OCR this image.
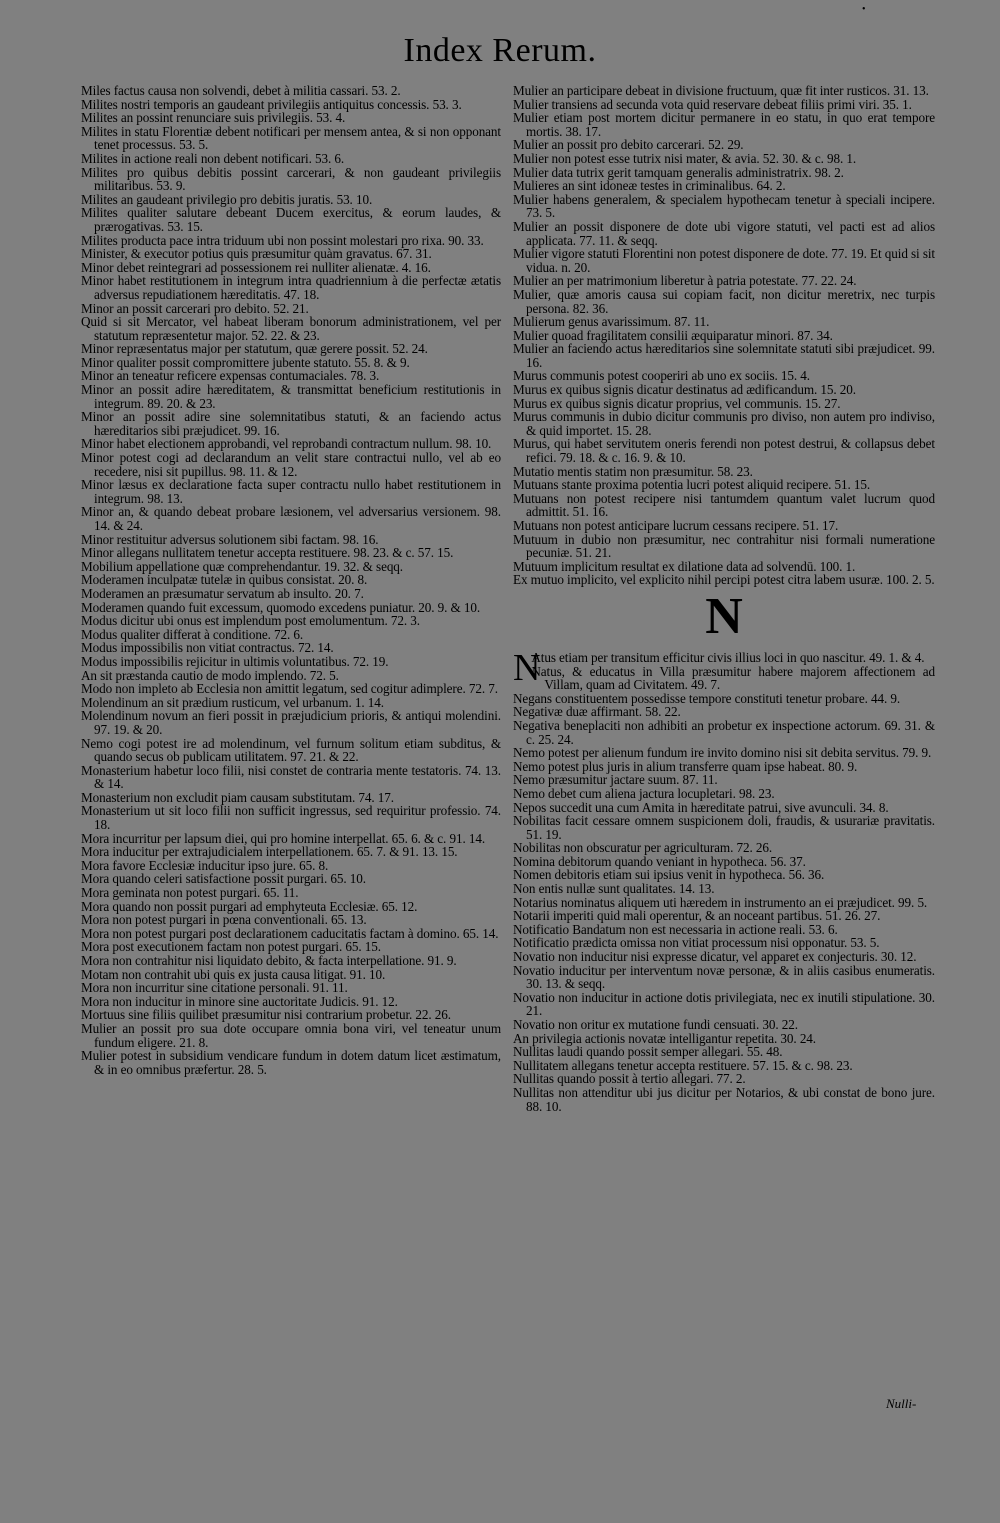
•
Index Rerum.

Miles factus causa non solvendi, debet à militia cassari. 53. 2.

Milites nostri temporis an gaudeant privilegiis antiquitus concessis. 53. 3.

Milites an possint renunciare suis privilegiis. 53. 4.

Milites in statu Florentiæ debent notificari per mensem antea, & si non opponant tenet processus. 53. 5.

Milites in actione reali non debent notificari. 53. 6.

Milites pro quibus debitis possint carcerari, & non gaudeant privilegiis militaribus. 53. 9.

Milites an gaudeant privilegio pro debitis juratis. 53. 10.

Milites qualiter salutare debeant Ducem exercitus, & eorum laudes, & prærogativas. 53. 15.

Milites producta pace intra triduum ubi non possint molestari pro rixa. 90. 33.

Minister, & executor potius quis præsumitur quàm gravatus. 67. 31.

Minor debet reintegrari ad possessionem rei nulliter alienatæ. 4. 16.

Minor habet restitutionem in integrum intra quadriennium à die perfectæ ætatis adversus repudiationem hæreditatis. 47. 18.

Minor an possit carcerari pro debito. 52. 21.

Quid si sit Mercator, vel habeat liberam bonorum administrationem, vel per statutum repræsentetur major. 52. 22. & 23.

Minor repræsentatus major per statutum, quæ gerere possit. 52. 24.

Minor qualiter possit compromittere jubente statuto. 55. 8. & 9.

Minor an teneatur reficere expensas contumaciales. 78. 3.

Minor an possit adire hæreditatem, & transmittat beneficium restitutionis in integrum. 89. 20. & 23.

Minor an possit adire sine solemnitatibus statuti, & an faciendo actus hæreditarios sibi præjudicet. 99. 16.

Minor habet electionem approbandi, vel reprobandi contractum nullum. 98. 10.

Minor potest cogi ad declarandum an velit stare contractui nullo, vel ab eo recedere, nisi sit pupillus. 98. 11. & 12.

Minor læsus ex declaratione facta super contractu nullo habet restitutionem in integrum. 98. 13.

Minor an, & quando debeat probare læsionem, vel adversarius versionem. 98. 14. & 24.

Minor restituitur adversus solutionem sibi factam. 98. 16.

Minor allegans nullitatem tenetur accepta restituere. 98. 23. & c. 57. 15.

Mobilium appellatione quæ comprehendantur. 19. 32. & seqq.

Moderamen inculpatæ tutelæ in quibus consistat. 20. 8.

Moderamen an præsumatur servatum ab insulto. 20. 7.

Moderamen quando fuit excessum, quomodo excedens puniatur. 20. 9. & 10.

Modus dicitur ubi onus est implendum post emolumentum. 72. 3.

Modus qualiter differat à conditione. 72. 6.

Modus impossibilis non vitiat contractus. 72. 14.

Modus impossibilis rejicitur in ultimis voluntatibus. 72. 19.

An sit præstanda cautio de modo implendo. 72. 5.

Modo non impleto ab Ecclesia non amittit legatum, sed cogitur adimplere. 72. 7.

Molendinum an sit prædium rusticum, vel urbanum. 1. 14.

Molendinum novum an fieri possit in præjudicium prioris, & antiqui molendini. 97. 19. & 20.

Nemo cogi potest ire ad molendinum, vel furnum solitum etiam subditus, & quando secus ob publicam utilitatem. 97. 21. & 22.

Monasterium habetur loco filii, nisi constet de contraria mente testatoris. 74. 13. & 14.

Monasterium non excludit piam causam substitutam. 74. 17.

Monasterium ut sit loco filii non sufficit ingressus, sed requiritur professio. 74. 18.

Mora incurritur per lapsum diei, qui pro homine interpellat. 65. 6. & c. 91. 14.

Mora inducitur per extrajudicialem interpellationem. 65. 7. & 91. 13. 15.

Mora favore Ecclesiæ inducitur ipso jure. 65. 8.

Mora quando celeri satisfactione possit purgari. 65. 10.

Mora geminata non potest purgari. 65. 11.

Mora quando non possit purgari ad emphyteuta Ecclesiæ. 65. 12.

Mora non potest purgari in pœna conventionali. 65. 13.

Mora non potest purgari post declarationem caducitatis factam à domino. 65. 14.

Mora post executionem factam non potest purgari. 65. 15.

Mora non contrahitur nisi liquidato debito, & facta interpellatione. 91. 9.

Motam non contrahit ubi quis ex justa causa litigat. 91. 10.

Mora non incurritur sine citatione personali. 91. 11.

Mora non inducitur in minore sine auctoritate Judicis. 91. 12.

Mortuus sine filiis quilibet præsumitur nisi contrarium probetur. 22. 26.

Mulier an possit pro sua dote occupare omnia bona viri, vel teneatur unum fundum eligere. 21. 8.

Mulier potest in subsidium vendicare fundum in dotem datum licet æstimatum, & in eo omnibus præfertur. 28. 5.

Mulier an participare debeat in divisione fructuum, quæ fit inter rusticos. 31. 13.

Mulier transiens ad secunda vota quid reservare debeat filiis primi viri. 35. 1.

Mulier etiam post mortem dicitur permanere in eo statu, in quo erat tempore mortis. 38. 17.

Mulier an possit pro debito carcerari. 52. 29.

Mulier non potest esse tutrix nisi mater, & avia. 52. 30. & c. 98. 1.

Mulier data tutrix gerit tamquam generalis administratrix. 98. 2.

Mulieres an sint idoneæ testes in criminalibus. 64. 2.

Mulier habens generalem, & specialem hypothecam tenetur à speciali incipere. 73. 5.

Mulier an possit disponere de dote ubi vigore statuti, vel pacti est ad alios applicata. 77. 11. & seqq.

Mulier vigore statuti Florentini non potest disponere de dote. 77. 19. Et quid si sit vidua. n. 20.

Mulier an per matrimonium liberetur à patria potestate. 77. 22. 24.

Mulier, quæ amoris causa sui copiam facit, non dicitur meretrix, nec turpis persona. 82. 36.

Mulierum genus avarissimum. 87. 11.

Mulier quoad fragilitatem consilii æquiparatur minori. 87. 34.

Mulier an faciendo actus hæreditarios sine solemnitate statuti sibi præjudicet. 99. 16.

Murus communis potest cooperiri ab uno ex sociis. 15. 4.

Murus ex quibus signis dicatur destinatus ad ædificandum. 15. 20.

Murus ex quibus signis dicatur proprius, vel communis. 15. 27.

Murus communis in dubio dicitur communis pro diviso, non autem pro indiviso, & quid importet. 15. 28.

Murus, qui habet servitutem oneris ferendi non potest destrui, & collapsus debet refici. 79. 18. & c. 16. 9. & 10.

Mutatio mentis statim non præsumitur. 58. 23.

Mutuans stante proxima potentia lucri potest aliquid recipere. 51. 15.

Mutuans non potest recipere nisi tantumdem quantum valet lucrum quod admittit. 51. 16.

Mutuans non potest anticipare lucrum cessans recipere. 51. 17.

Mutuum in dubio non præsumitur, nec contrahitur nisi formali numeratione pecuniæ. 51. 21.

Mutuum implicitum resultat ex dilatione data ad solvendū. 100. 1.

Ex mutuo implicito, vel explicito nihil percipi potest citra labem usuræ. 100. 2. 5.

N

N
Atus etiam per transitum efficitur civis illius loci in quo nascitur. 49. 1. & 4.

Natus, & educatus in Villa præsumitur habere majorem affectionem ad Villam, quam ad Civitatem. 49. 7.

Negans constituentem possedisse tempore constituti tenetur probare. 44. 9.

Negativæ duæ affirmant. 58. 22.

Negativa beneplaciti non adhibiti an probetur ex inspectione actorum. 69. 31. & c. 25. 24.

Nemo potest per alienum fundum ire invito domino nisi sit debita servitus. 79. 9.

Nemo potest plus juris in alium transferre quam ipse habeat. 80. 9.

Nemo præsumitur jactare suum. 87. 11.

Nemo debet cum aliena jactura locupletari. 98. 23.

Nepos succedit una cum Amita in hæreditate patrui, sive avunculi. 34. 8.

Nobilitas facit cessare omnem suspicionem doli, fraudis, & usurariæ pravitatis. 51. 19.

Nobilitas non obscuratur per agriculturam. 72. 26.

Nomina debitorum quando veniant in hypotheca. 56. 37.

Nomen debitoris etiam sui ipsius venit in hypotheca. 56. 36.

Non entis nullæ sunt qualitates. 14. 13.

Notarius nominatus aliquem uti hæredem in instrumento an ei præjudicet. 99. 5.

Notarii imperiti quid mali operentur, & an noceant partibus. 51. 26. 27.

Notificatio Bandatum non est necessaria in actione reali. 53. 6.

Notificatio prædicta omissa non vitiat processum nisi opponatur. 53. 5.

Novatio non inducitur nisi expresse dicatur, vel apparet ex conjecturis. 30. 12.

Novatio inducitur per interventum novæ personæ, & in aliis casibus enumeratis. 30. 13. & seqq.

Novatio non inducitur in actione dotis privilegiata, nec ex inutili stipulatione. 30. 21.

Novatio non oritur ex mutatione fundi censuati. 30. 22.

An privilegia actionis novatæ intelligantur repetita. 30. 24.

Nullitas laudi quando possit semper allegari. 55. 48.

Nullitatem allegans tenetur accepta restituere. 57. 15. & c. 98. 23.

Nullitas quando possit à tertio allegari. 77. 2.

Nullitas non attenditur ubi jus dicitur per Notarios, & ubi constat de bono jure. 88. 10.

Nulli-
